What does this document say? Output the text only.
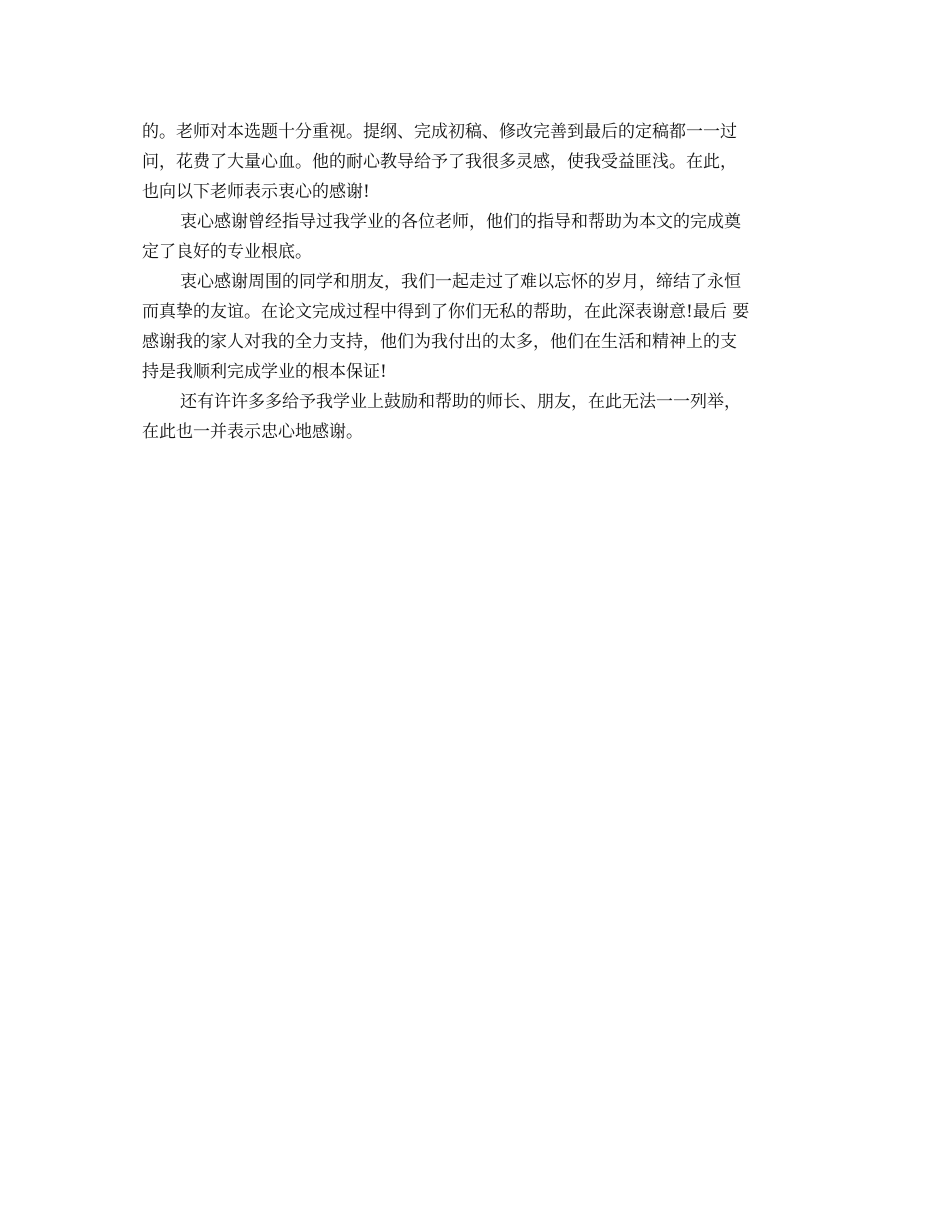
的。老师对本选题十分重视。提纲、完成初稿、修改完善到最后的定稿都一一过
问，花费了大量心血。他的耐心教导给予了我很多灵感，使我受益匪浅。在此，
也向以下老师表示衷心的感谢!
衷心感谢曾经指导过我学业的各位老师，他们的指导和帮助为本文的完成奠
定了良好的专业根底。
衷心感谢周围的同学和朋友，我们一起走过了难以忘怀的岁月，缔结了永恒
而真挚的友谊。在论文完成过程中得到了你们无私的帮助，在此深表谢意!最后 要
感谢我的家人对我的全力支持，他们为我付出的太多，他们在生活和精神上的支
持是我顺利完成学业的根本保证!
还有许许多多给予我学业上鼓励和帮助的师长、朋友，在此无法一一列举，
在此也一并表示忠心地感谢。
